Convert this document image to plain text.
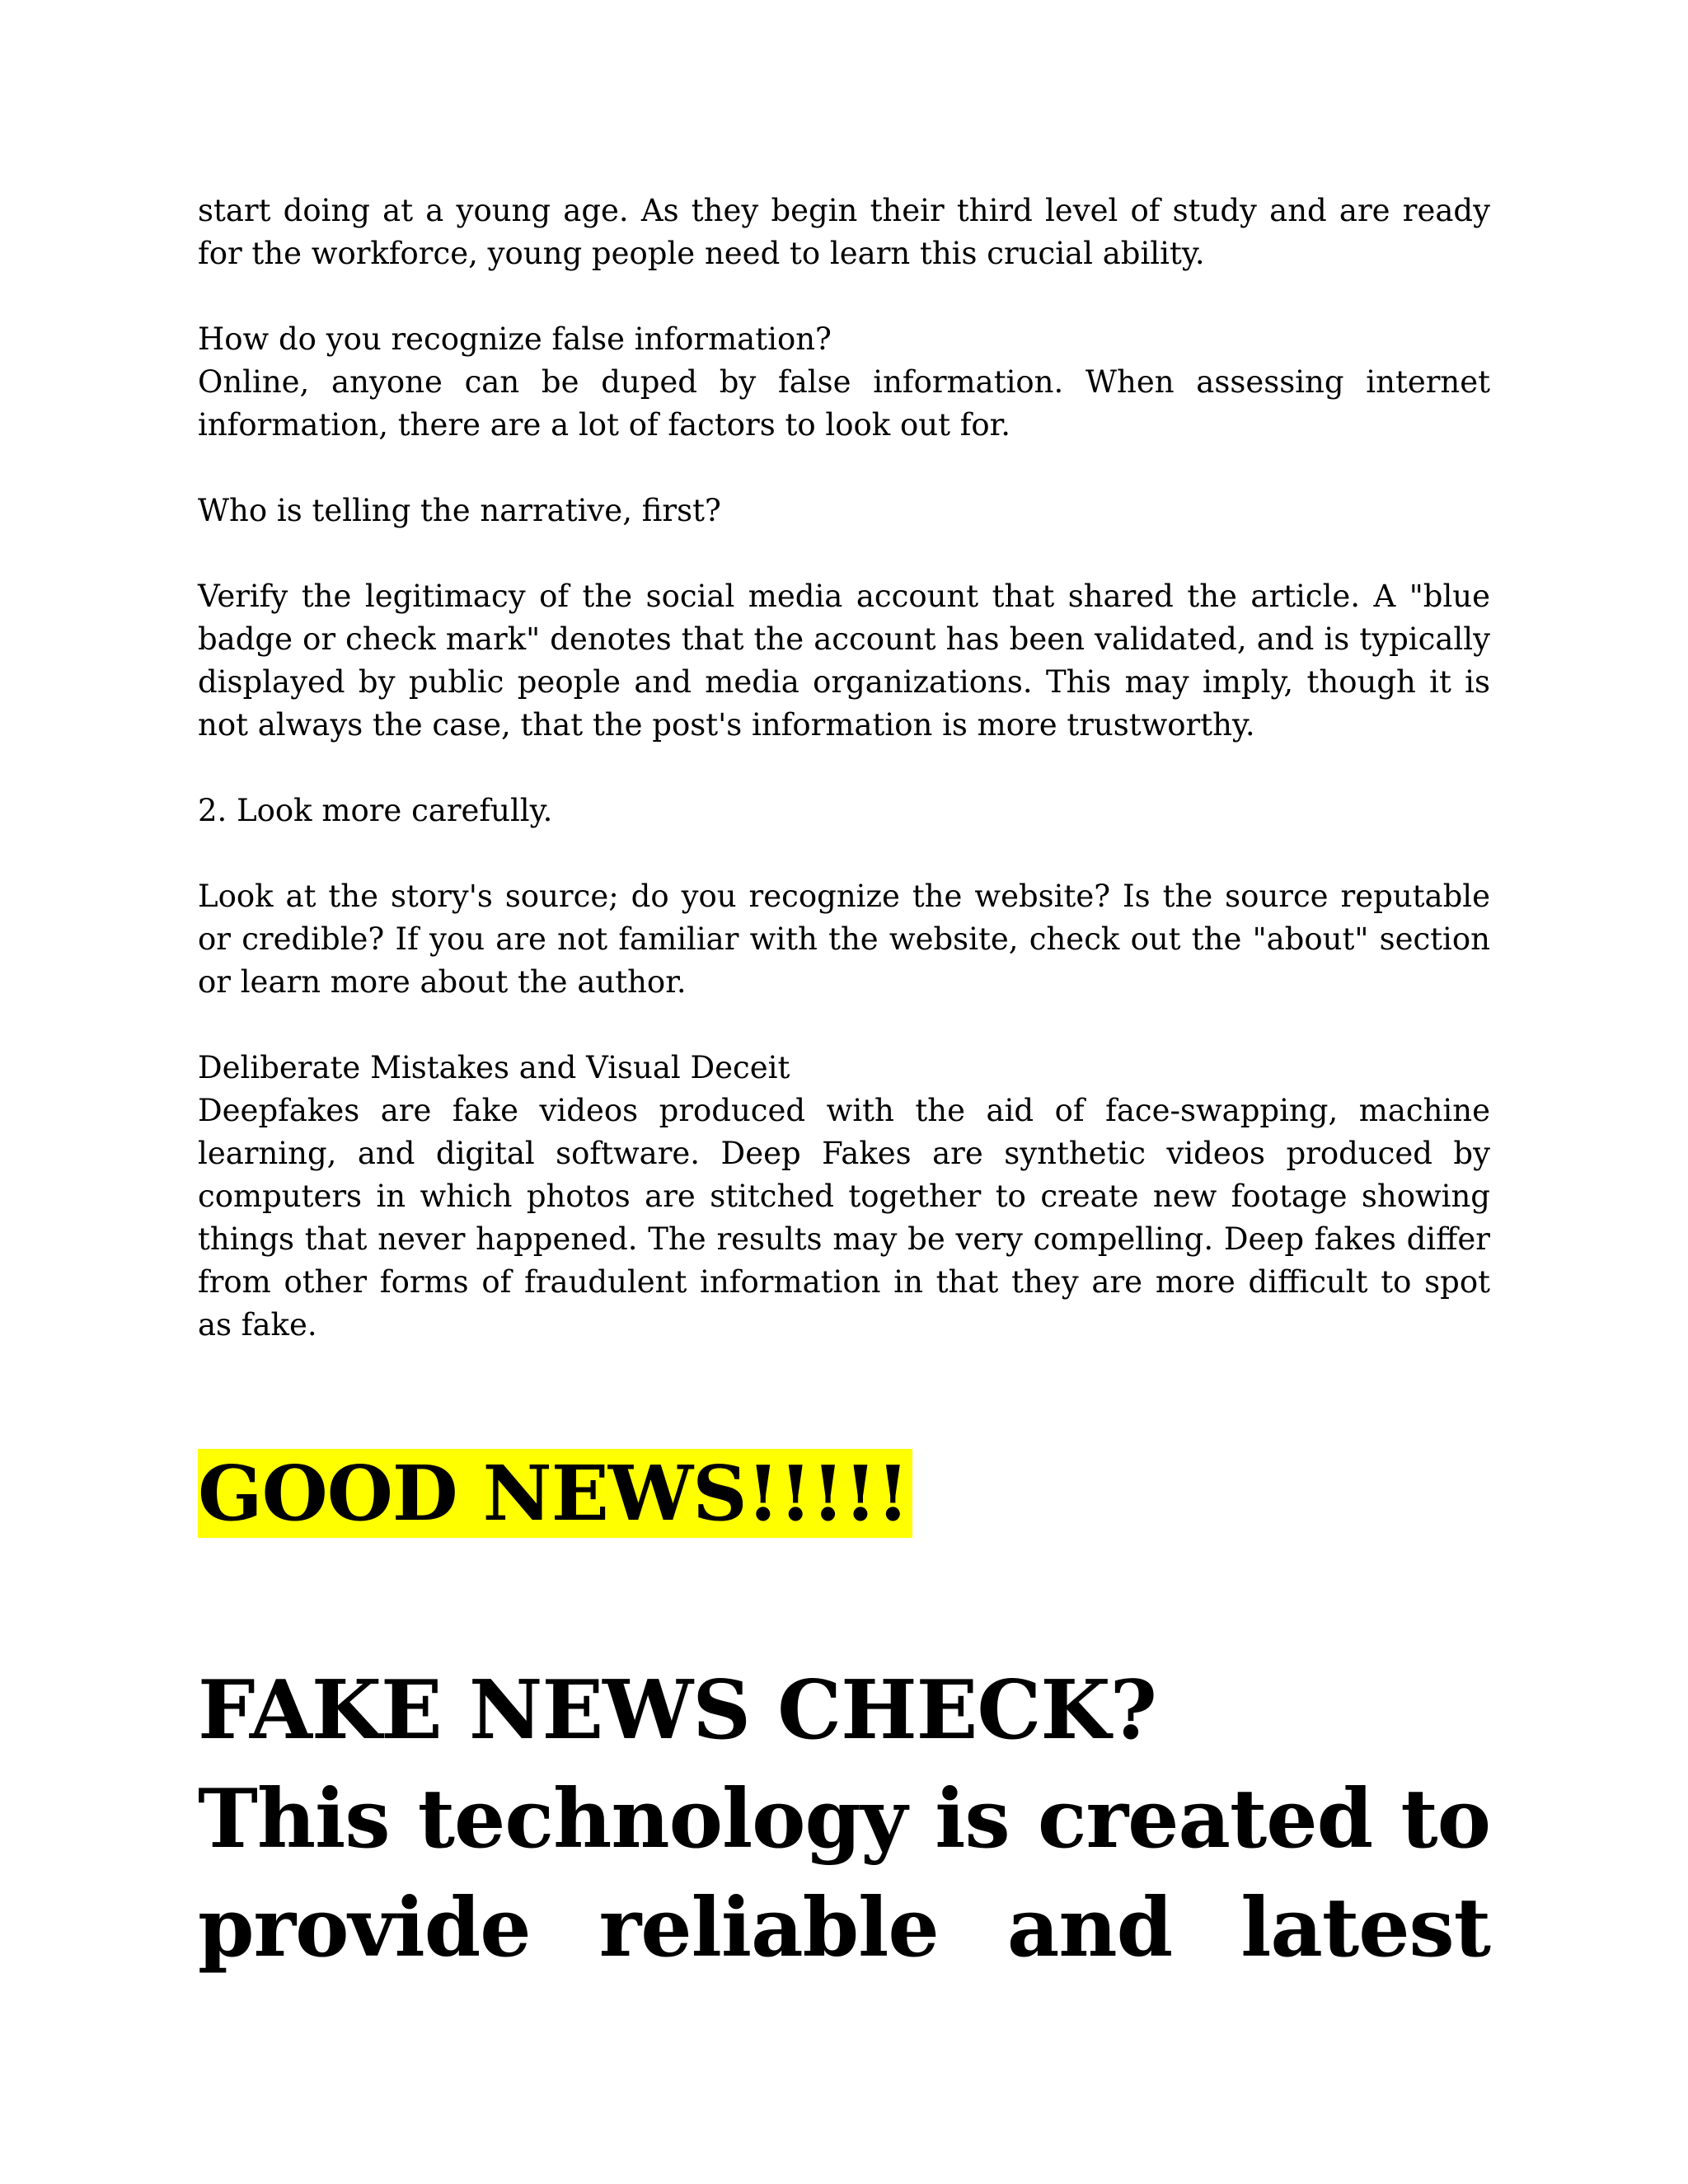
start doing at a young age. As they begin their third level of study and are ready for the workforce, young people need to learn this crucial ability.

How do you recognize false information?

Online, anyone can be duped by false information. When assessing internet information, there are a lot of factors to look out for.

Who is telling the narrative, first?

Verify the legitimacy of the social media account that shared the article. A "blue badge or check mark" denotes that the account has been validated, and is typically displayed by public people and media organizations. This may imply, though it is not always the case, that the post's information is more trustworthy.

2. Look more carefully.

Look at the story's source; do you recognize the website? Is the source reputable or credible? If you are not familiar with the website, check out the "about" section or learn more about the author.

Deliberate Mistakes and Visual Deceit

Deepfakes are fake videos produced with the aid of face-swapping, machine learning, and digital software. Deep Fakes are synthetic videos produced by computers in which photos are stitched together to create new footage showing things that never happened. The results may be very compelling. Deep fakes differ from other forms of fraudulent information in that they are more difficult to spot as fake.

GOOD NEWS!!!!!
FAKE NEWS CHECK?
This technology is created to
provide reliable and latest
